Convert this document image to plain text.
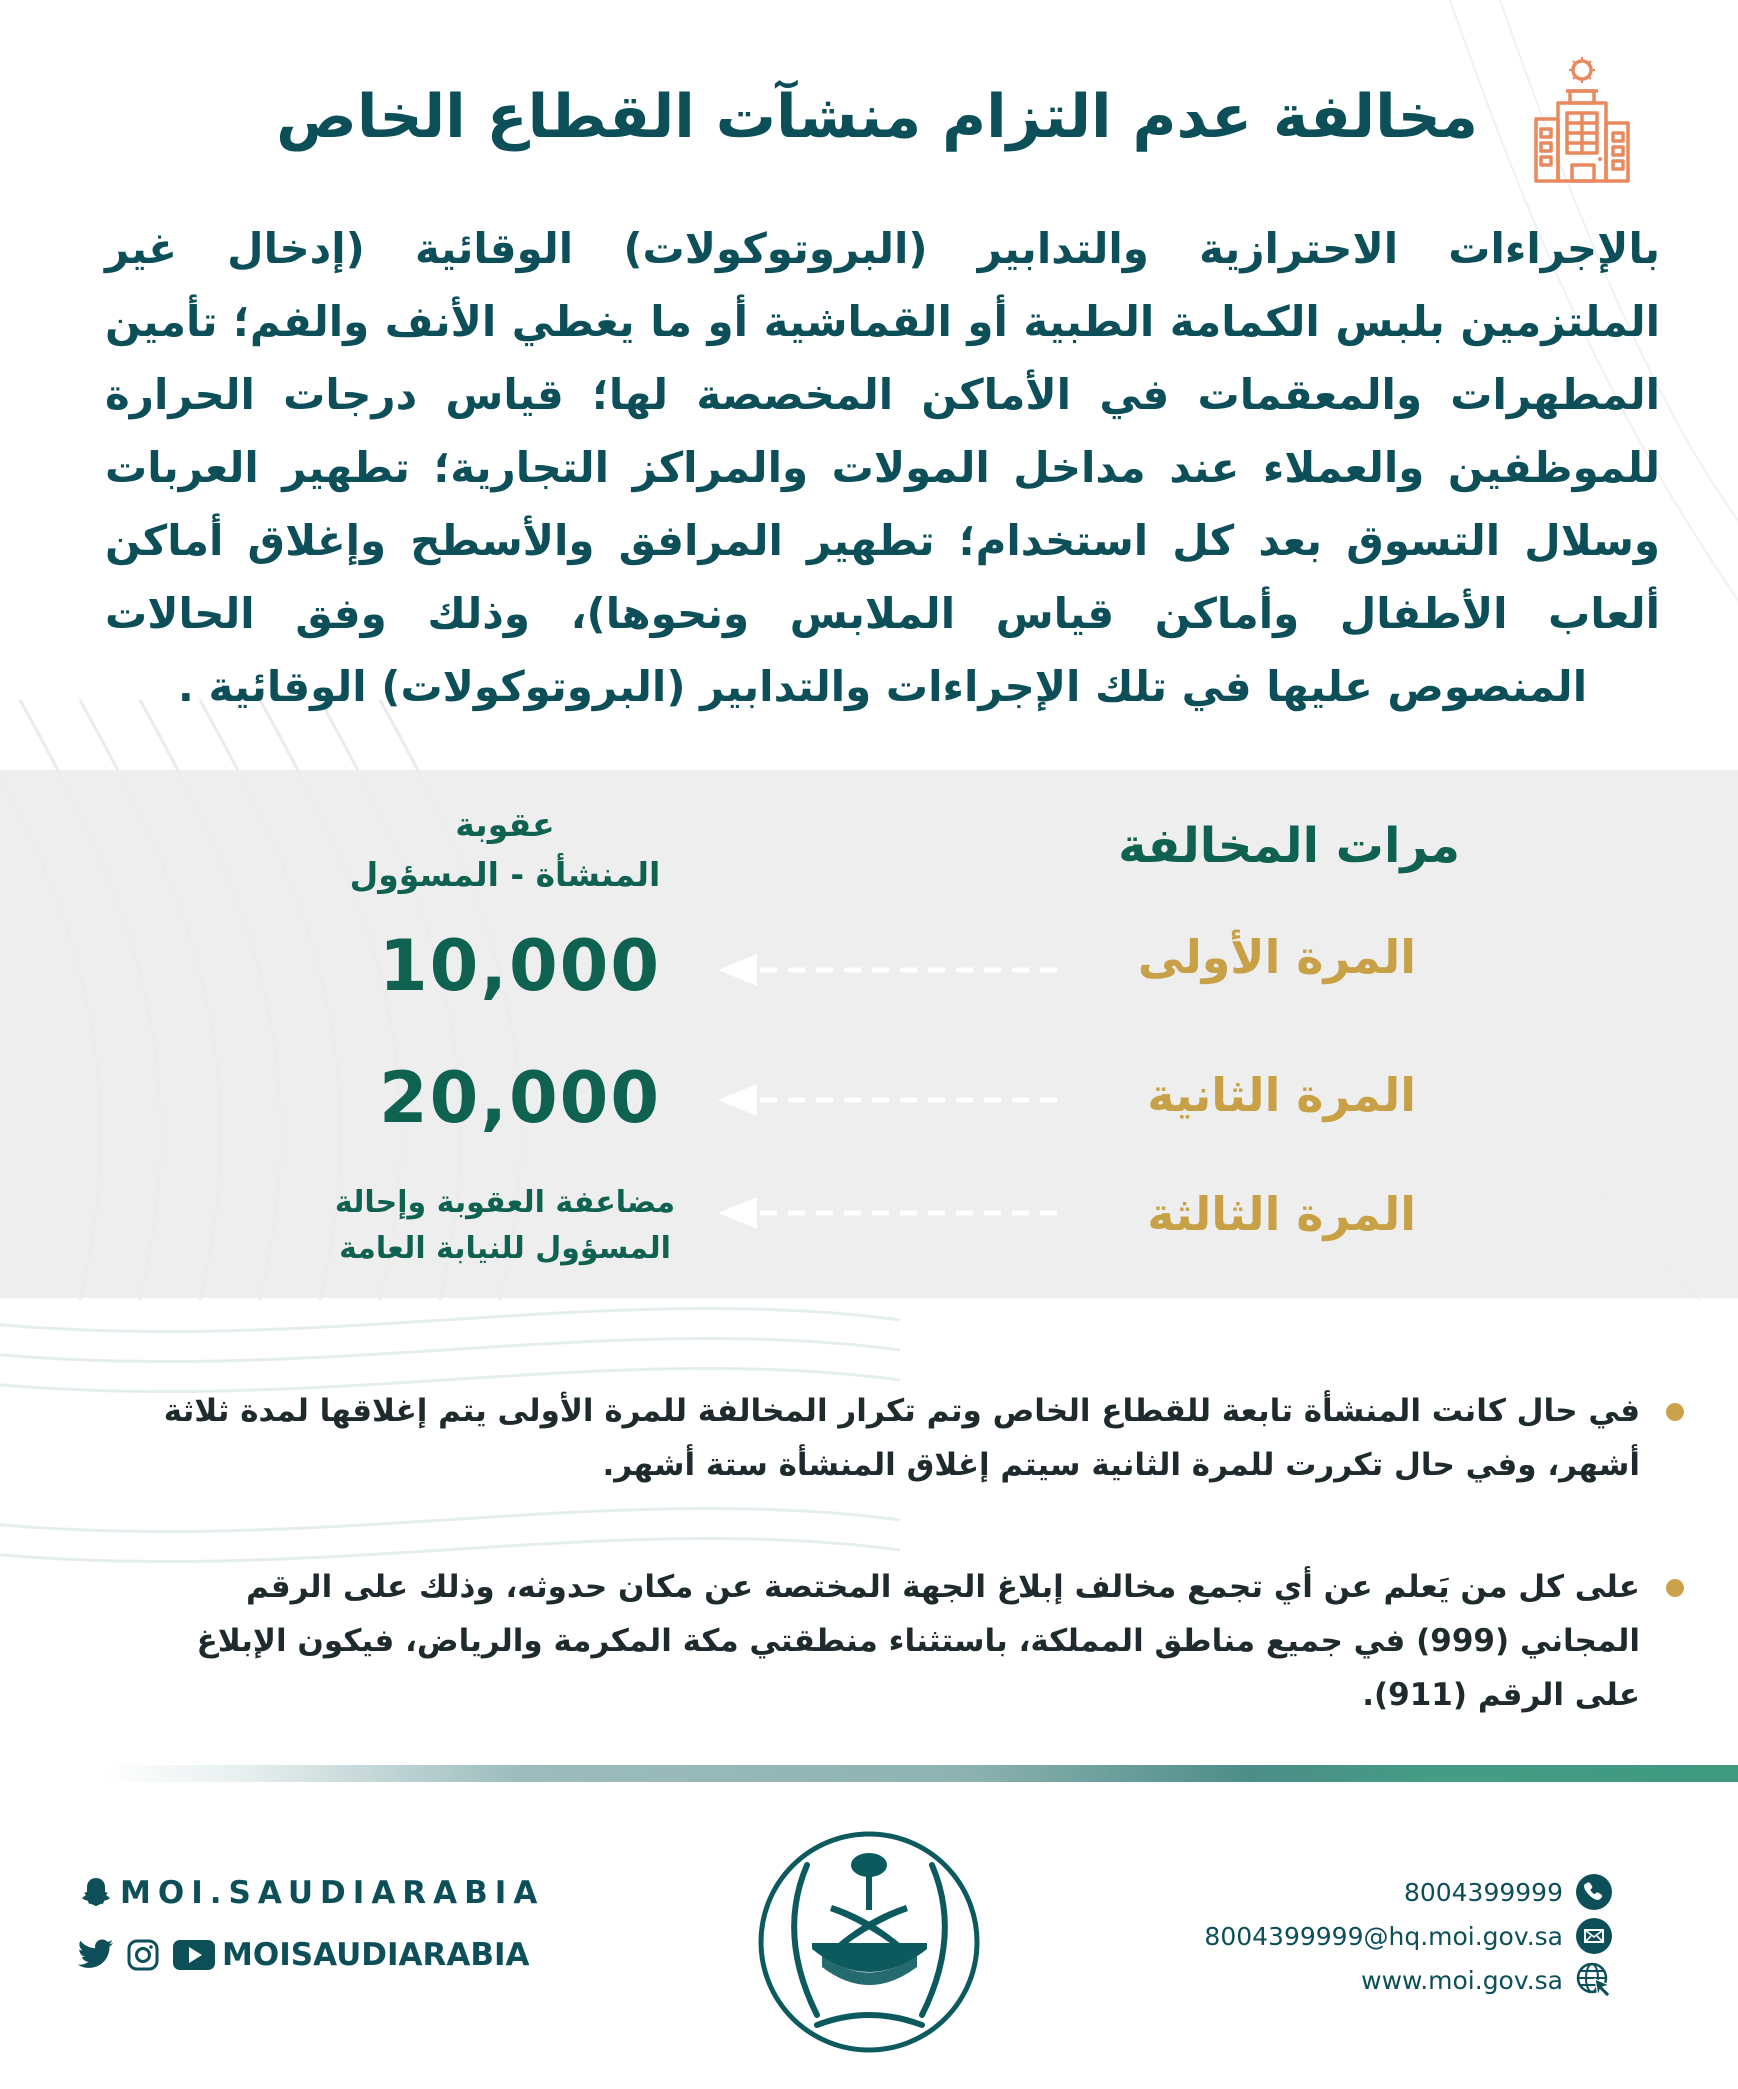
مخالفة عدم التزام منشآت القطاع الخاص
بالإجراءات الاحترازية والتدابير (البروتوكولات) الوقائية (إدخال غير الملتزمين بلبس الكمامة الطبية أو القماشية أو ما يغطي الأنف والفم؛ تأمين المطهرات والمعقمات في الأماكن المخصصة لها؛ قياس درجات الحرارة للموظفين والعملاء عند مداخل المولات والمراكز التجارية؛ تطهير العربات وسلال التسوق بعد كل استخدام؛ تطهير المرافق والأسطح وإغلاق أماكن ألعاب الأطفال وأماكن قياس الملابس ونحوها)، وذلك وفق الحالات المنصوص عليها في تلك الإجراءات والتدابير (البروتوكولات) الوقائية .
مرات المخالفة
عقوبة
المنشأة - المسؤول
المرة الأولى
10,000
المرة الثانية
20,000
المرة الثالثة
مضاعفة العقوبة وإحالة
المسؤول للنيابة العامة
في حال كانت المنشأة تابعة للقطاع الخاص وتم تكرار المخالفة للمرة الأولى يتم إغلاقها لمدة ثلاثة أشهر، وفي حال تكررت للمرة الثانية سيتم إغلاق المنشأة ستة أشهر.
على كل من يَعلم عن أي تجمع مخالف إبلاغ الجهة المختصة عن مكان حدوثه، وذلك على الرقم المجاني (999) في جميع مناطق المملكة، باستثناء منطقتي مكة المكرمة والرياض، فيكون الإبلاغ على الرقم (911).
MOI.SAUDIARABIA
MOISAUDIARABIA
8004399999
8004399999@hq.moi.gov.sa
www.moi.gov.sa
